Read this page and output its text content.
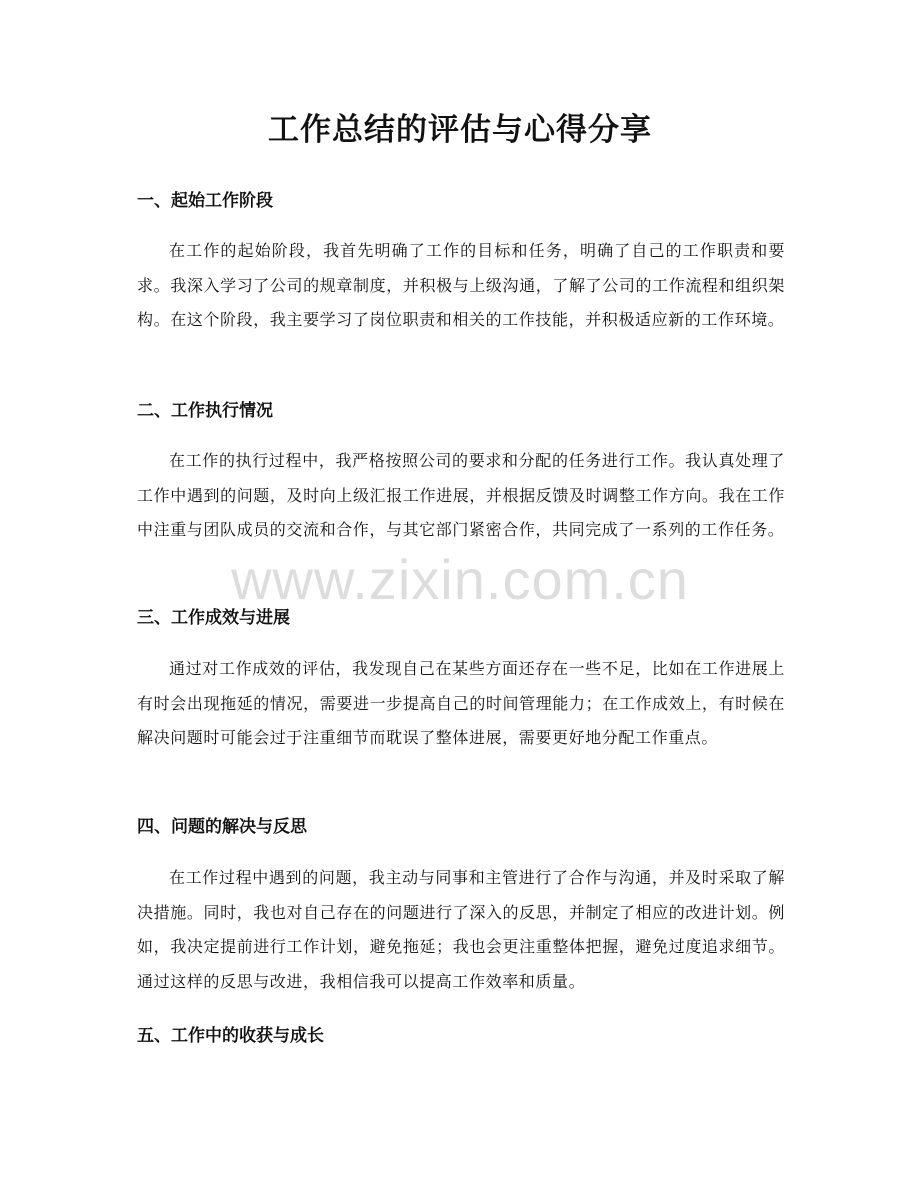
工作总结的评估与心得分享
一、起始工作阶段

在工作的起始阶段，我首先明确了工作的目标和任务，明确了自己的工作职责和要求。我深入学习了公司的规章制度，并积极与上级沟通，了解了公司的工作流程和组织架构。在这个阶段，我主要学习了岗位职责和相关的工作技能，并积极适应新的工作环境。

二、工作执行情况

在工作的执行过程中，我严格按照公司的要求和分配的任务进行工作。我认真处理了工作中遇到的问题，及时向上级汇报工作进展，并根据反馈及时调整工作方向。我在工作中注重与团队成员的交流和合作，与其它部门紧密合作，共同完成了一系列的工作任务。

三、工作成效与进展

通过对工作成效的评估，我发现自己在某些方面还存在一些不足，比如在工作进展上有时会出现拖延的情况，需要进一步提高自己的时间管理能力；在工作成效上，有时候在解决问题时可能会过于注重细节而耽误了整体进展，需要更好地分配工作重点。

四、问题的解决与反思

在工作过程中遇到的问题，我主动与同事和主管进行了合作与沟通，并及时采取了解决措施。同时，我也对自己存在的问题进行了深入的反思，并制定了相应的改进计划。例如，我决定提前进行工作计划，避免拖延；我也会更注重整体把握，避免过度追求细节。通过这样的反思与改进，我相信我可以提高工作效率和质量。

五、工作中的收获与成长
www.zixin.com.cn
